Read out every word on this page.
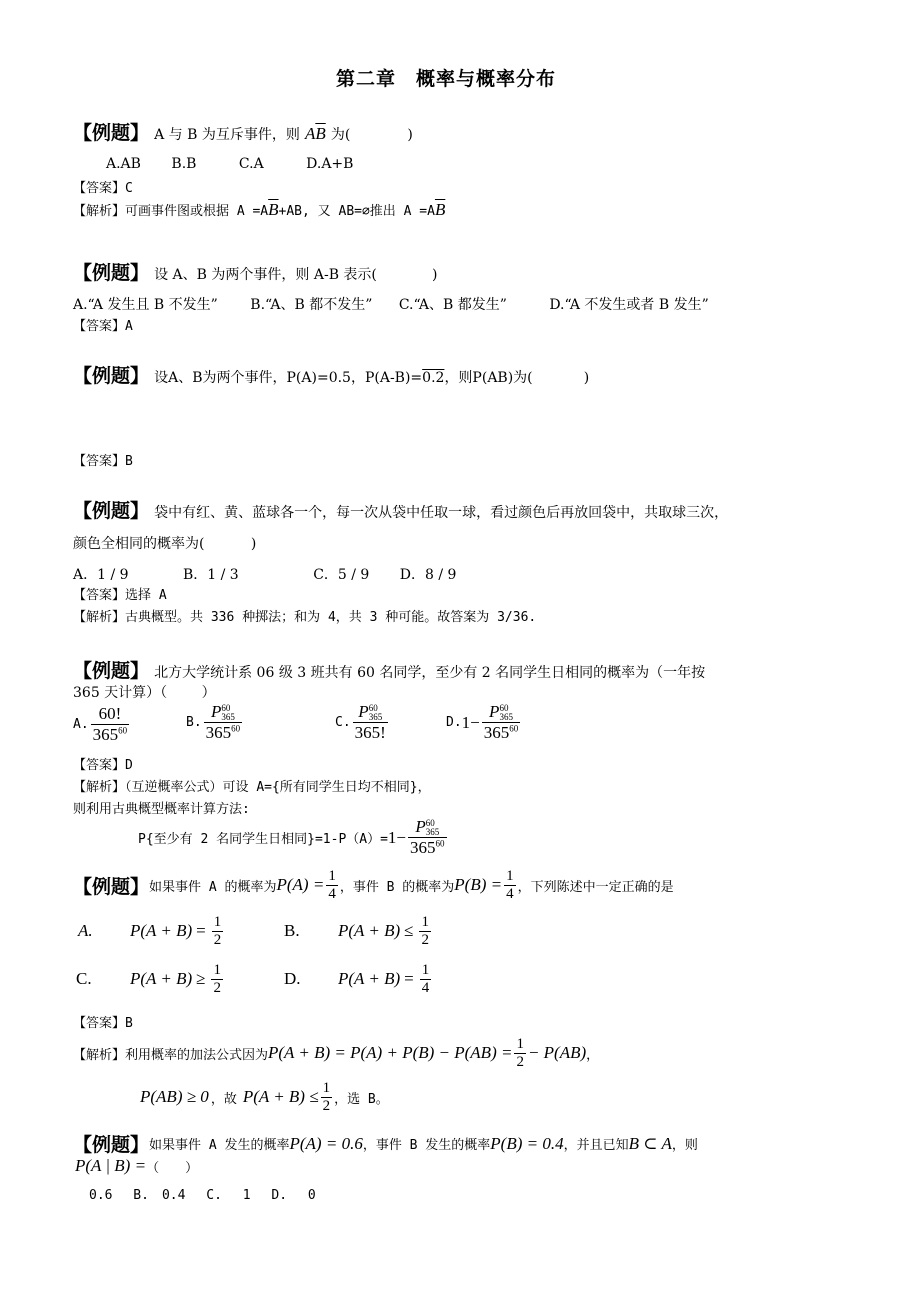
第二章　概率与概率分布
【例题】 A 与 B 为互斥事件，则 $A\overline{B}$ 为(	)
A.AB B.B	C.A	D.A+B
【答案】C
【解析】可画事件图或根据 $A =A\overline{B}+AB$, 又 AB=∅推出 $A =A\overline{B}$
【例题】 设 A、B 为两个事件，则 A-B 表示(	)
A.“A 发生且 B 不发生” B.“A、B 都不发生” C.“A、B 都发生”	D.“A 不发生或者 B 发生”
【答案】A
【例题】 设A、B为两个事件，P(A)=0.5，P(A-B)=0.2，则P(AB)为(	)
【答案】B
【例题】 袋中有红、黄、蓝球各一个，每一次从袋中任取一球，看过颜色后再放回袋中，共取球三次，
颜色全相同的概率为(	)
A．1 / 9	B．1 / 3	C．5 / 9 D．8 / 9
【答案】选择 A
【解析】古典概型。共 336 种掷法；和为 4，共 3 种可能。故答案为 3/36.
【例题】 北方大学统计系 06 级 3 班共有 60 名同学，至少有 2 名同学生日相同的概率为（一年按
365 天计算）（ ）
A. $\frac{60!}{365^{60}}$	B. P 60
365
$365^{60}$	C. P 60
365
365!	D. 1− P 60
365
$365^{60}$
【答案】D
【解析】（互逆概率公式）可设 A={所有同学生日均不相同}，
则利用古典概型概率计算方法:
P{至少有 2 名同学生日相同}=1-P（A）= 1− P 60
365
$365^{60}$
【例题】 如果事件 A 的概率为 $P(A) = \frac{1}{4}$ ，事件 B 的概率为 $P(B) = \frac{1}{4}$ ，下列陈述中一定正确的是
A.	$P(A + B) = \frac{1}{2}$	B.	$P(A + B) \le \frac{1}{2}$
C.	$P(A + B) \ge \frac{1}{2}$	D.	$P(A + B) = \frac{1}{4}$
【答案】B
【解析】利用概率的加法公式因为 $P(A + B) = P(A) + P(B) - P(AB) = \frac{1}{2} - P(AB)$ ，
P(AB) ≥ 0 ，故 $P(A + B) \le \frac{1}{2}$ ，选 B。
【例题】 如果事件 A 发生的概率 P(A) = 0.6 ，事件 B 发生的概率 P(B) = 0.4 ，并且已知 B ⊂ A ，则
P(A | B) = （　　）
0.6　 B.　0.4　 C.　 1　 D.　 0
